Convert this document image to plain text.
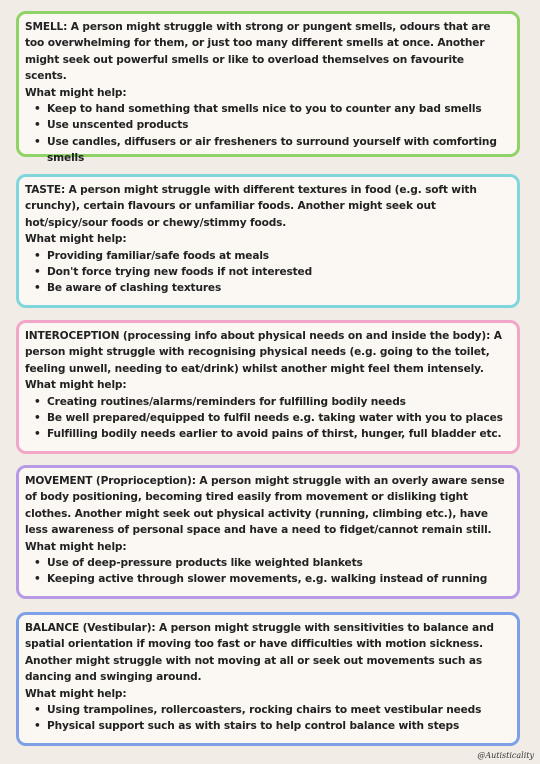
SMELL: A person might struggle with strong or pungent smells, odours that are too overwhelming for them, or just too many different smells at once. Another might seek out powerful smells or like to overload themselves on favourite scents.

What might help:

• Keep to hand something that smells nice to you to counter any bad smells
• Use unscented products
• Use candles, diffusers or air fresheners to surround yourself with comforting smells

TASTE: A person might struggle with different textures in food (e.g. soft with crunchy), certain flavours or unfamiliar foods. Another might seek out hot/spicy/sour foods or chewy/stimmy foods.

What might help:

• Providing familiar/safe foods at meals
• Don't force trying new foods if not interested
• Be aware of clashing textures

INTEROCEPTION (processing info about physical needs on and inside the body): A person might struggle with recognising physical needs (e.g. going to the toilet, feeling unwell, needing to eat/drink) whilst another might feel them intensely.

What might help:

• Creating routines/alarms/reminders for fulfilling bodily needs
• Be well prepared/equipped to fulfil needs e.g. taking water with you to places
• Fulfilling bodily needs earlier to avoid pains of thirst, hunger, full bladder etc.

MOVEMENT (Proprioception): A person might struggle with an overly aware sense of body positioning, becoming tired easily from movement or disliking tight clothes. Another might seek out physical activity (running, climbing etc.), have less awareness of personal space and have a need to fidget/cannot remain still.

What might help:

• Use of deep-pressure products like weighted blankets
• Keeping active through slower movements, e.g. walking instead of running

BALANCE (Vestibular): A person might struggle with sensitivities to balance and spatial orientation if moving too fast or have difficulties with motion sickness. Another might struggle with not moving at all or seek out movements such as dancing and swinging around.

What might help:

• Using trampolines, rollercoasters, rocking chairs to meet vestibular needs
• Physical support such as with stairs to help control balance with steps
@Autisticality
